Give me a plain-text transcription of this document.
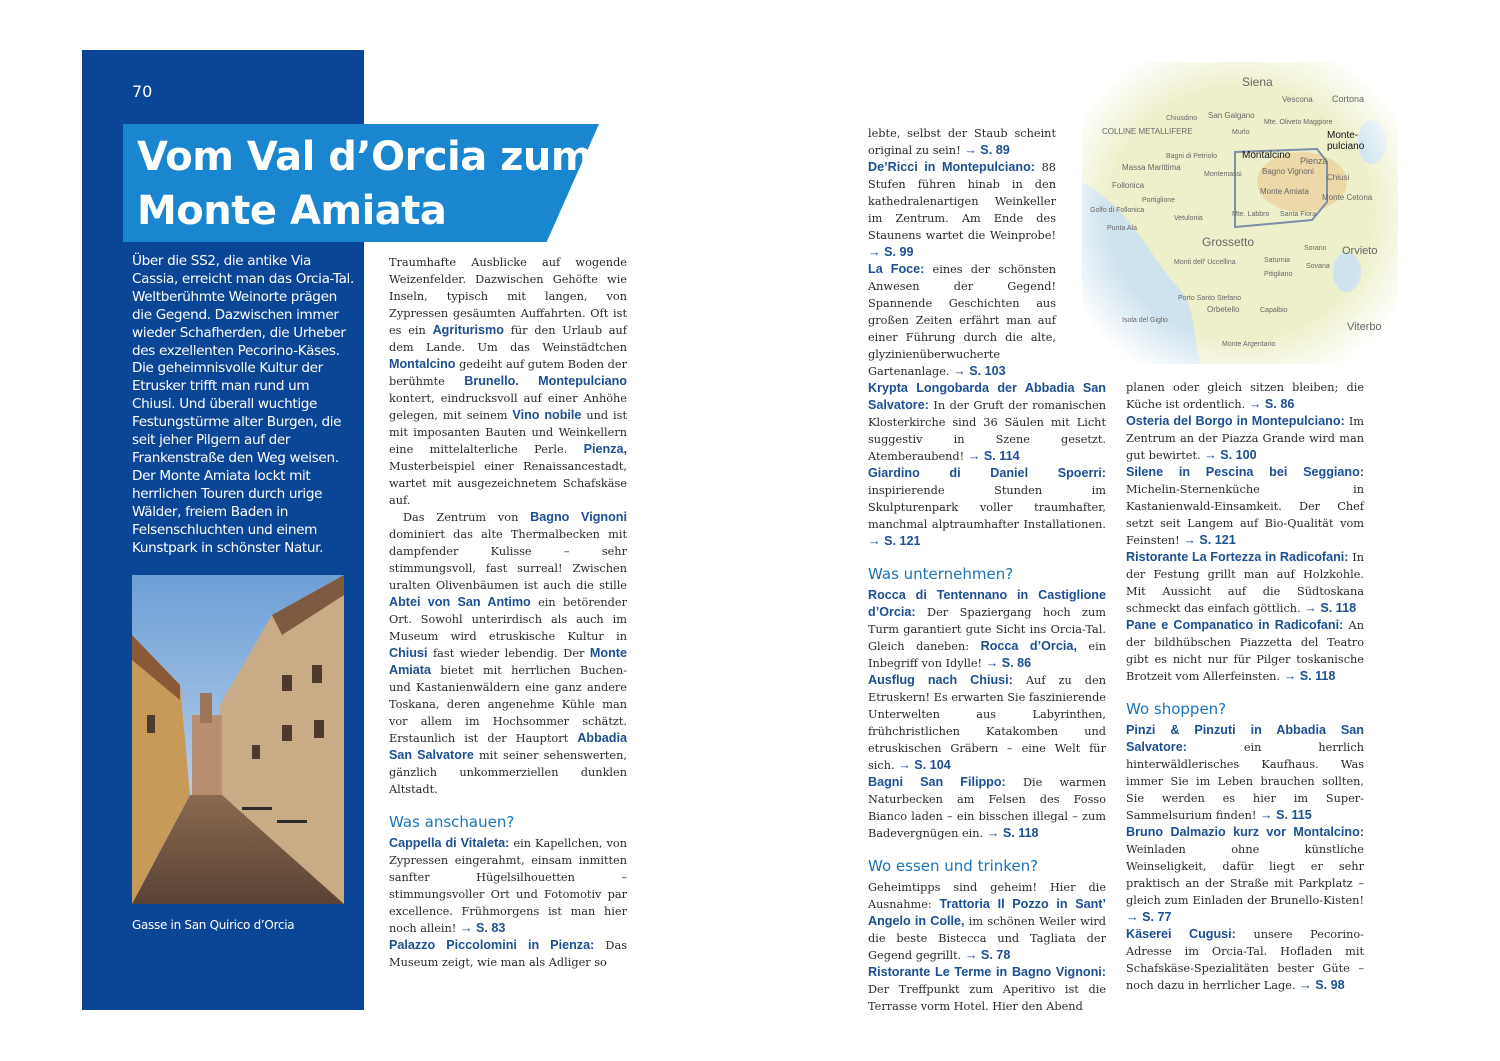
70
Vom Val d’Orcia zum
Monte Amiata
Über die SS2, die antike Via Cassia, erreicht man das Orcia-Tal. Weltberühmte Weinorte prägen die Gegend. Dazwischen immer wieder Schafherden, die Urheber des exzellenten Pecorino-Käses. Die geheimnisvolle Kultur der Etrusker trifft man rund um Chiusi. Und überall wuchtige Festungstürme alter Burgen, die seit jeher Pilgern auf der Frankenstraße den Weg weisen. Der Monte Amiata lockt mit herrlichen Touren durch urige Wälder, freiem Baden in Felsenschluchten und einem Kunstpark in schönster Natur.
Gasse in San Quirico d’Orcia

Traumhafte Ausblicke auf wogende Weizenfelder. Dazwischen Gehöfte wie Inseln, typisch mit langen, von Zypressen gesäumten Auffahrten. Oft ist es ein Agriturismo für den Urlaub auf dem Lande. Um das Weinstädtchen Montalcino gedeiht auf gutem Boden der berühmte Brunello. Montepulciano kontert, eindrucksvoll auf einer Anhöhe gelegen, mit seinem Vino nobile und ist mit imposanten Bauten und Weinkellern eine mittelalterliche Perle. Pienza, Musterbeispiel einer Renaissancestadt, wartet mit ausgezeichnetem Schafskäse auf.

Das Zentrum von Bagno Vignoni dominiert das alte Thermalbecken mit dampfender Kulisse – sehr stimmungsvoll, fast surreal! Zwischen uralten Olivenbäumen ist auch die stille Abtei von San Antimo ein betörender Ort. Sowohl unterirdisch als auch im Museum wird etruskische Kultur in Chiusi fast wieder lebendig. Der Monte Amiata bietet mit herrlichen Buchen- und Kastanienwäldern eine ganz andere Toskana, deren angenehme Kühle man vor allem im Hochsommer schätzt. Erstaunlich ist der Hauptort Abbadia San Salvatore mit seiner sehenswerten, gänzlich unkommerziellen dunklen Altstadt.

Was anschauen?

Cappella di Vitaleta: ein Kapellchen, von Zypressen eingerahmt, einsam inmitten sanfter Hügelsilhouetten – stimmungsvoller Ort und Fotomotiv par excellence. Frühmorgens ist man hier noch allein! → S. 83

Palazzo Piccolomini in Pienza: Das Museum zeigt, wie man als Adliger so

lebte, selbst der Staub scheint original zu sein! → S. 89

De’Ricci in Montepulciano: 88 Stufen führen hinab in den kathedralenartigen Weinkeller im Zentrum. Am Ende des Staunens wartet die Weinprobe! → S. 99

La Foce: eines der schönsten Anwesen der Gegend! Spannende Geschichten aus großen Zeiten erfährt man auf einer Führung durch die alte, glyzinienüberwucherte Gartenanlage. → S. 103

Krypta Longobarda der Abbadia San Salvatore: In der Gruft der romanischen Klosterkirche sind 36 Säulen mit Licht suggestiv in Szene gesetzt. Atemberaubend! → S. 114

Giardino di Daniel Spoerri: inspirierende Stunden im Skulpturenpark voller traumhafter, manchmal alptraumhafter Installationen. → S. 121

Was unternehmen?

Rocca di Tentennano in Castiglione d’Orcia: Der Spaziergang hoch zum Turm garantiert gute Sicht ins Orcia-Tal. Gleich daneben: Rocca d’Orcia, ein Inbegriff von Idylle! → S. 86

Ausflug nach Chiusi: Auf zu den Etruskern! Es erwarten Sie faszinierende Unterwelten aus Labyrinthen, frühchristlichen Katakomben und etruskischen Gräbern – eine Welt für sich. → S. 104

Bagni San Filippo: Die warmen Naturbecken am Felsen des Fosso Bianco laden – ein bisschen illegal – zum Badevergnügen ein. → S. 118

Wo essen und trinken?

Geheimtipps sind geheim! Hier die Ausnahme: Trattoria Il Pozzo in Sant’ Angelo in Colle, im schönen Weiler wird die beste Bistecca und Tagliata der Gegend gegrillt. → S. 78

Ristorante Le Terme in Bagno Vignoni: Der Treffpunkt zum Aperitivo ist die Terrasse vorm Hotel. Hier den Abend

planen oder gleich sitzen bleiben; die Küche ist ordentlich. → S. 86

Osteria del Borgo in Montepulciano: Im Zentrum an der Piazza Grande wird man gut bewirtet. → S. 100

Silene in Pescina bei Seggiano: Michelin-Sternenküche in Kastanienwald-Einsamkeit. Der Chef setzt seit Langem auf Bio-Qualität vom Feinsten! → S. 121

Ristorante La Fortezza in Radicofani: In der Festung grillt man auf Holzkohle. Mit Aussicht auf die Südtoskana schmeckt das einfach göttlich. → S. 118

Pane e Companatico in Radicofani: An der bildhübschen Piazzetta del Teatro gibt es nicht nur für Pilger toskanische Brotzeit vom Allerfeinsten. → S. 118

Wo shoppen?

Pinzi & Pinzuti in Abbadia San Salvatore: ein herrlich hinterwäldlerisches Kaufhaus. Was immer Sie im Leben brauchen sollten, Sie werden es hier im Super-Sammelsurium finden! → S. 115

Bruno Dalmazio kurz vor Montalcino: Weinladen ohne künstliche Weinseligkeit, dafür liegt er sehr praktisch an der Straße mit Parkplatz – gleich zum Einladen der Brunello-Kisten! → S. 77

Käserei Cugusi: unsere Pecorino-Adresse im Orcia-Tal. Hofladen mit Schafskäse-Spezialitäten bester Güte – noch dazu in herrlicher Lage. → S. 98

Siena
Vescona Cortona
COLLINE METALLIFERE
Chiusdino San Galgano
Murlo
Mte. Oliveto Maggiore
Monte-
pulciano
Bagni di Petriolo	Montalcino Pienza
Massa Marittima
Montemassi	Bagno Vignoni
Chiusi
Follonica
Portiglione
Monte Amiata
Monte Cetona
Golfo di Follonica
Vetulonia
Mte. Labbro Santa Fiora
Punta Ala
Grossetto
Orvieto
Sorano
Saturnia
Sovana
Monti dell' Uccellina
Pitigliano
Porto Santo Stefano
Orbetello	Capalbio
Isola del Giglio
Viterbo
Monte Argentario
